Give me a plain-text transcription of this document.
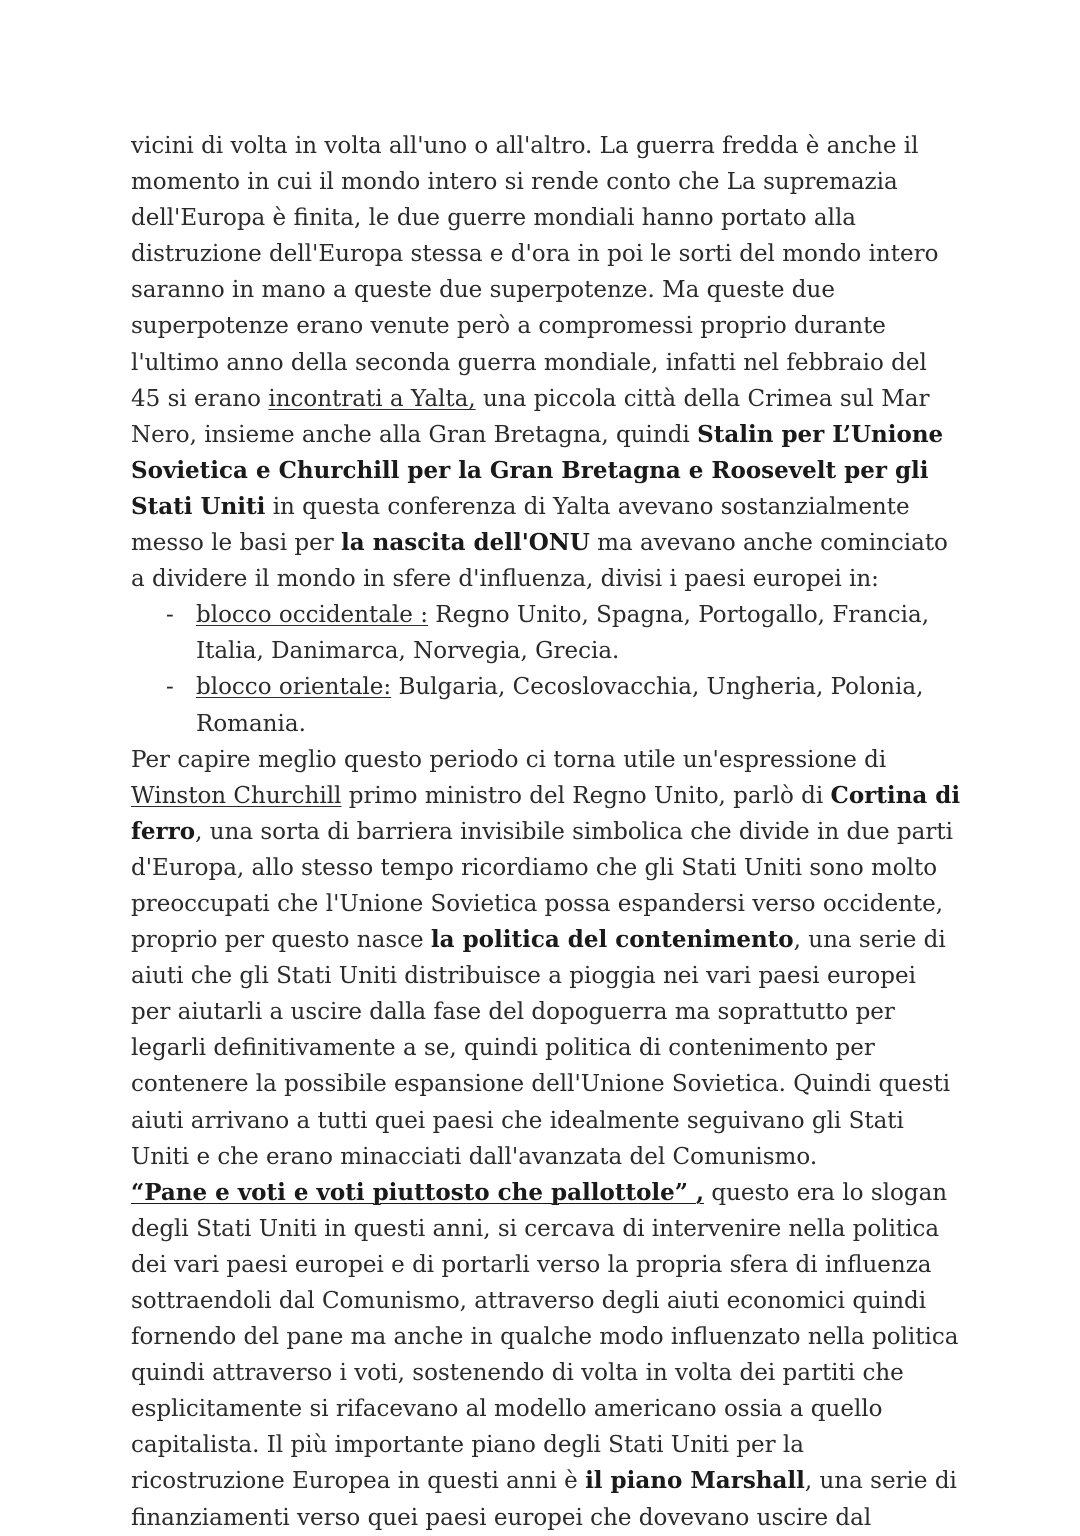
vicini di volta in volta all'uno o all'altro. La guerra fredda è anche il momento in cui il mondo intero si rende conto che La supremazia dell'Europa è finita, le due guerre mondiali hanno portato alla distruzione dell'Europa stessa e d'ora in poi le sorti del mondo intero saranno in mano a queste due superpotenze. Ma queste due superpotenze erano venute però a compromessi proprio durante l'ultimo anno della seconda guerra mondiale, infatti nel febbraio del 45 si erano incontrati a Yalta, una piccola città della Crimea sul Mar Nero, insieme anche alla Gran Bretagna, quindi Stalin per L’Unione Sovietica e Churchill per la Gran Bretagna e Roosevelt per gli Stati Uniti in questa conferenza di Yalta avevano sostanzialmente messo le basi per la nascita dell'ONU ma avevano anche cominciato a dividere il mondo in sfere d'influenza, divisi i paesi europei in:

- blocco occidentale : Regno Unito, Spagna, Portogallo, Francia, Italia, Danimarca, Norvegia, Grecia.
- blocco orientale: Bulgaria, Cecoslovacchia, Ungheria, Polonia, Romania.

Per capire meglio questo periodo ci torna utile un'espressione di Winston Churchill primo ministro del Regno Unito, parlò di Cortina di ferro, una sorta di barriera invisibile simbolica che divide in due parti d'Europa, allo stesso tempo ricordiamo che gli Stati Uniti sono molto preoccupati che l'Unione Sovietica possa espandersi verso occidente, proprio per questo nasce la politica del contenimento, una serie di aiuti che gli Stati Uniti distribuisce a pioggia nei vari paesi europei per aiutarli a uscire dalla fase del dopoguerra ma soprattutto per legarli definitivamente a se, quindi politica di contenimento per contenere la possibile espansione dell'Unione Sovietica. Quindi questi aiuti arrivano a tutti quei paesi che idealmente seguivano gli Stati Uniti e che erano minacciati dall'avanzata del Comunismo.

“Pane e voti e voti piuttosto che pallottole” , questo era lo slogan degli Stati Uniti in questi anni, si cercava di intervenire nella politica dei vari paesi europei e di portarli verso la propria sfera di influenza sottraendoli dal Comunismo, attraverso degli aiuti economici quindi fornendo del pane ma anche in qualche modo influenzato nella politica quindi attraverso i voti, sostenendo di volta in volta dei partiti che esplicitamente si rifacevano al modello americano ossia a quello capitalista. Il più importante piano degli Stati Uniti per la ricostruzione Europea in questi anni è il piano Marshall, una serie di finanziamenti verso quei paesi europei che dovevano uscire dal
